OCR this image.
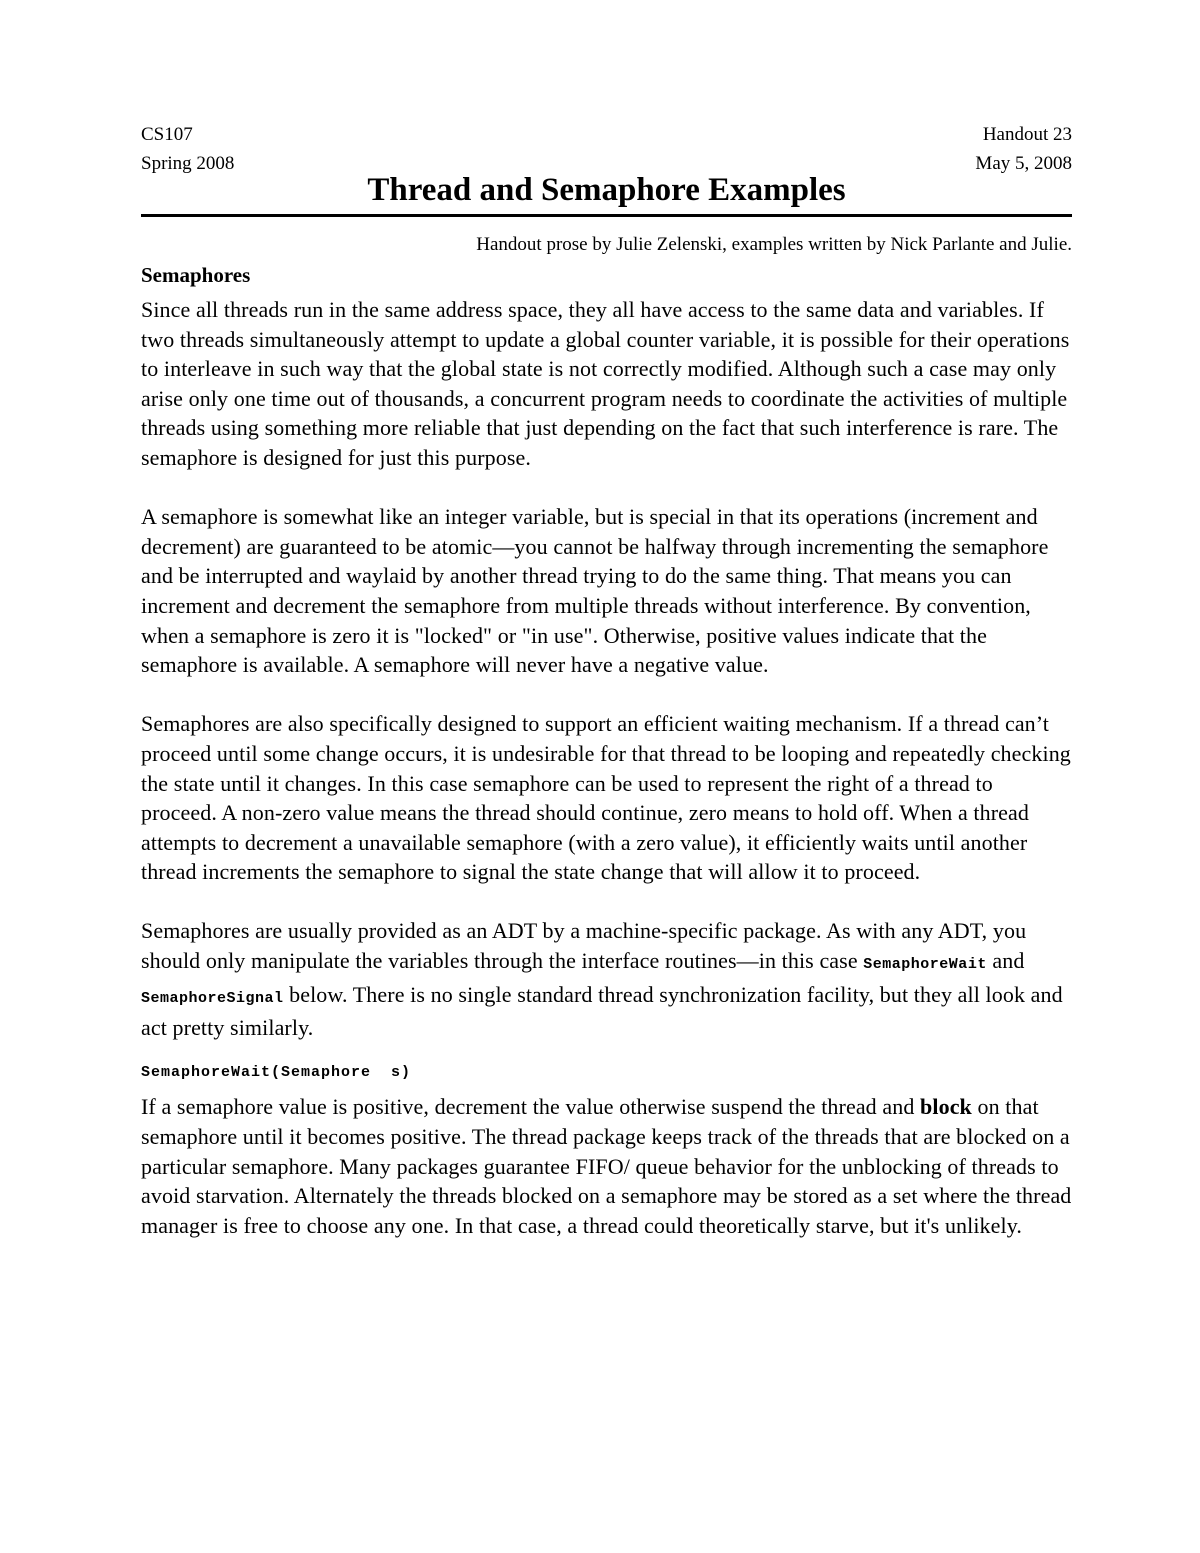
CS107	Handout 23
Spring 2008	May 5, 2008
Thread and Semaphore Examples
Handout prose by Julie Zelenski, examples written by Nick Parlante and Julie.
Semaphores

Since all threads run in the same address space, they all have access to the same data and variables. If two threads simultaneously attempt to update a global counter variable, it is possible for their operations to interleave in such way that the global state is not correctly modified. Although such a case may only arise only one time out of thousands, a concurrent program needs to coordinate the activities of multiple threads using something more reliable that just depending on the fact that such interference is rare. The semaphore is designed for just this purpose.

A semaphore is somewhat like an integer variable, but is special in that its operations (increment and decrement) are guaranteed to be atomic—you cannot be halfway through incrementing the semaphore and be interrupted and waylaid by another thread trying to do the same thing. That means you can increment and decrement the semaphore from multiple threads without interference. By convention, when a semaphore is zero it is "locked" or "in use". Otherwise, positive values indicate that the semaphore is available. A semaphore will never have a negative value.

Semaphores are also specifically designed to support an efficient waiting mechanism. If a thread can’t proceed until some change occurs, it is undesirable for that thread to be looping and repeatedly checking the state until it changes. In this case semaphore can be used to represent the right of a thread to proceed. A non-zero value means the thread should continue, zero means to hold off. When a thread attempts to decrement a unavailable semaphore (with a zero value), it efficiently waits until another thread increments the semaphore to signal the state change that will allow it to proceed.

Semaphores are usually provided as an ADT by a machine-specific package. As with any ADT, you should only manipulate the variables through the interface routines—in this case SemaphoreWait and SemaphoreSignal below. There is no single standard thread synchronization facility, but they all look and act pretty similarly.

SemaphoreWait(Semaphore  s)

If a semaphore value is positive, decrement the value otherwise suspend the thread and block on that semaphore until it becomes positive. The thread package keeps track of the threads that are blocked on a particular semaphore. Many packages guarantee FIFO/ queue behavior for the unblocking of threads to avoid starvation. Alternately the threads blocked on a semaphore may be stored as a set where the thread manager is free to choose any one. In that case, a thread could theoretically starve, but it's unlikely.
